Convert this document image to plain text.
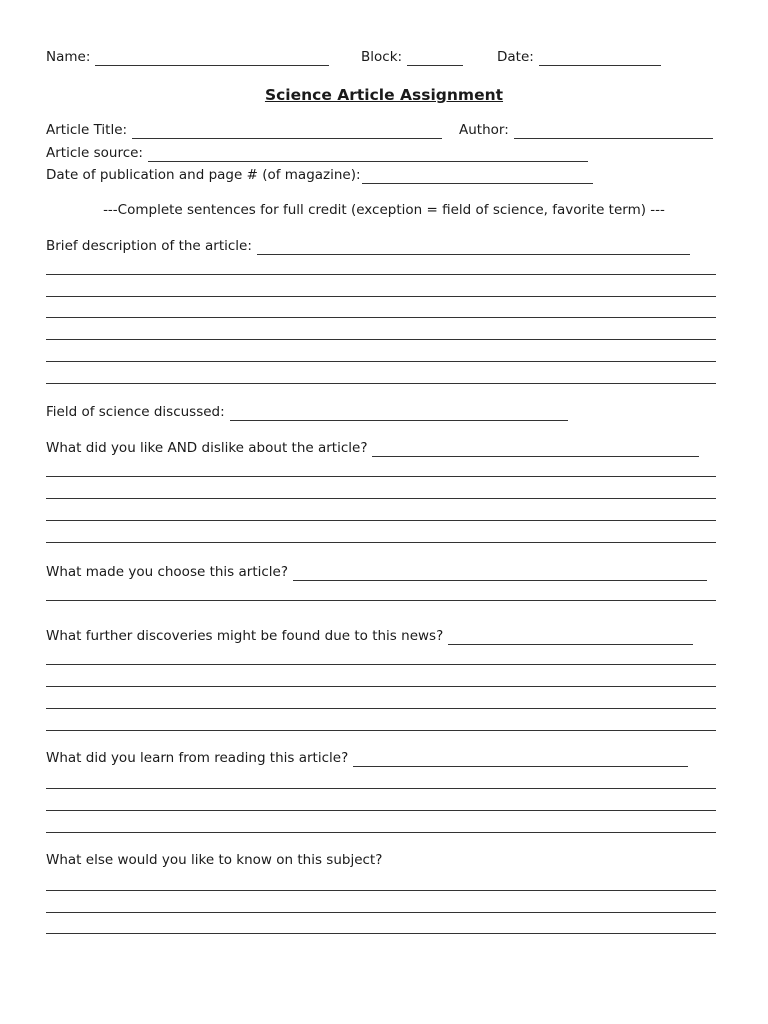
Name:	Block:	Date:
Science Article Assignment
Article Title:	Author:
Article source:
Date of publication and page # (of magazine):
---Complete sentences for full credit (exception = field of science, favorite term) ---
Brief description of the article:
Field of science discussed:
What did you like AND dislike about the article?
What made you choose this article?
What further discoveries might be found due to this news?
What did you learn from reading this article?
What else would you like to know on this subject?
